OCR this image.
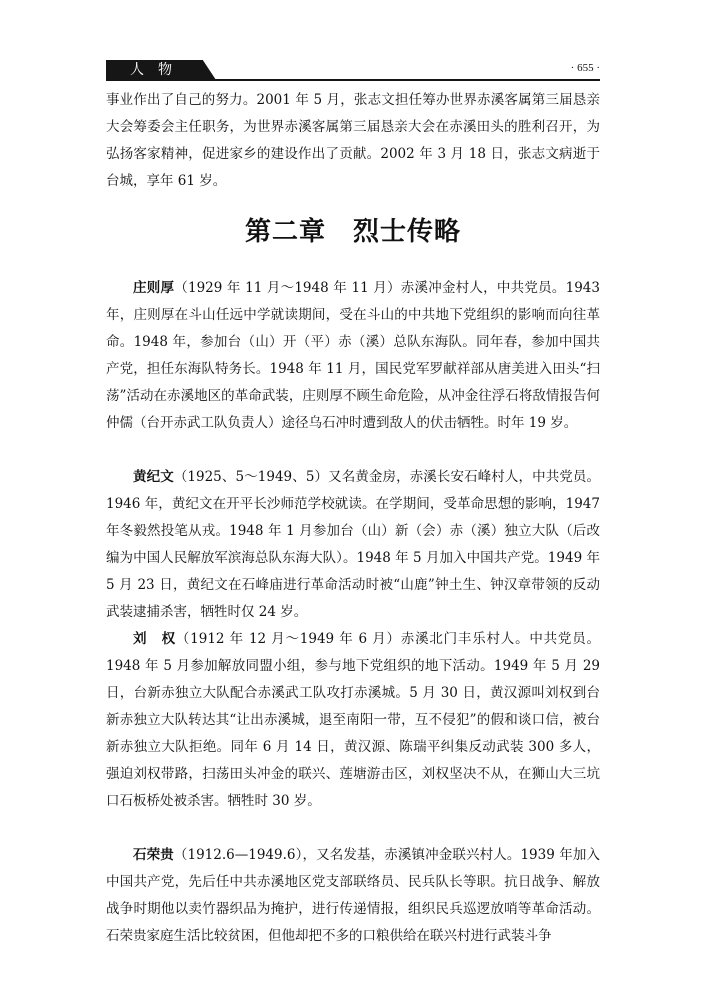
人物	· 655 ·

事业作出了自己的努力。2001 年 5 月，张志文担任筹办世界赤溪客属第三届恳亲大会筹委会主任职务，为世界赤溪客属第三届恳亲大会在赤溪田头的胜利召开，为弘扬客家精神，促进家乡的建设作出了贡献。2002 年 3 月 18 日，张志文病逝于台城，享年 61 岁。

第二章　烈士传略

庄则厚（1929 年 11 月～1948 年 11 月）赤溪冲金村人，中共党员。1943 年，庄则厚在斗山任远中学就读期间，受在斗山的中共地下党组织的影响而向往革命。1948 年，参加台（山）开（平）赤（溪）总队东海队。同年春，参加中国共产党，担任东海队特务长。1948 年 11 月，国民党军罗献祥部从唐美进入田头“扫荡”活动在赤溪地区的革命武装，庄则厚不顾生命危险，从冲金往浮石将敌情报告何仲儒（台开赤武工队负责人）途径乌石冲时遭到敌人的伏击牺牲。时年 19 岁。

黄纪文（1925、5～1949、5）又名黄金房，赤溪长安石峰村人，中共党员。1946 年，黄纪文在开平长沙师范学校就读。在学期间，受革命思想的影响，1947 年冬毅然投笔从戎。1948 年 1 月参加台（山）新（会）赤（溪）独立大队（后改编为中国人民解放军滨海总队东海大队）。1948 年 5 月加入中国共产党。1949 年 5 月 23 日，黄纪文在石峰庙进行革命活动时被“山鹿”钟土生、钟汉章带领的反动武装逮捕杀害，牺牲时仅 24 岁。

刘　权（1912 年 12 月～1949 年 6 月）赤溪北门丰乐村人。中共党员。1948 年 5 月参加解放同盟小组，参与地下党组织的地下活动。1949 年 5 月 29 日，台新赤独立大队配合赤溪武工队攻打赤溪城。5 月 30 日，黄汉源叫刘权到台新赤独立大队转达其“让出赤溪城，退至南阳一带，互不侵犯”的假和谈口信，被台新赤独立大队拒绝。同年 6 月 14 日，黄汉源、陈瑞平纠集反动武装 300 多人，强迫刘权带路，扫荡田头冲金的联兴、莲塘游击区，刘权坚决不从，在狮山大三坑口石板桥处被杀害。牺牲时 30 岁。

石荣贵（1912.6—1949.6），又名发基，赤溪镇冲金联兴村人。1939 年加入中国共产党，先后任中共赤溪地区党支部联络员、民兵队长等职。抗日战争、解放战争时期他以卖竹器织品为掩护，进行传递情报，组织民兵巡逻放哨等革命活动。石荣贵家庭生活比较贫困，但他却把不多的口粮供给在联兴村进行武装斗争
